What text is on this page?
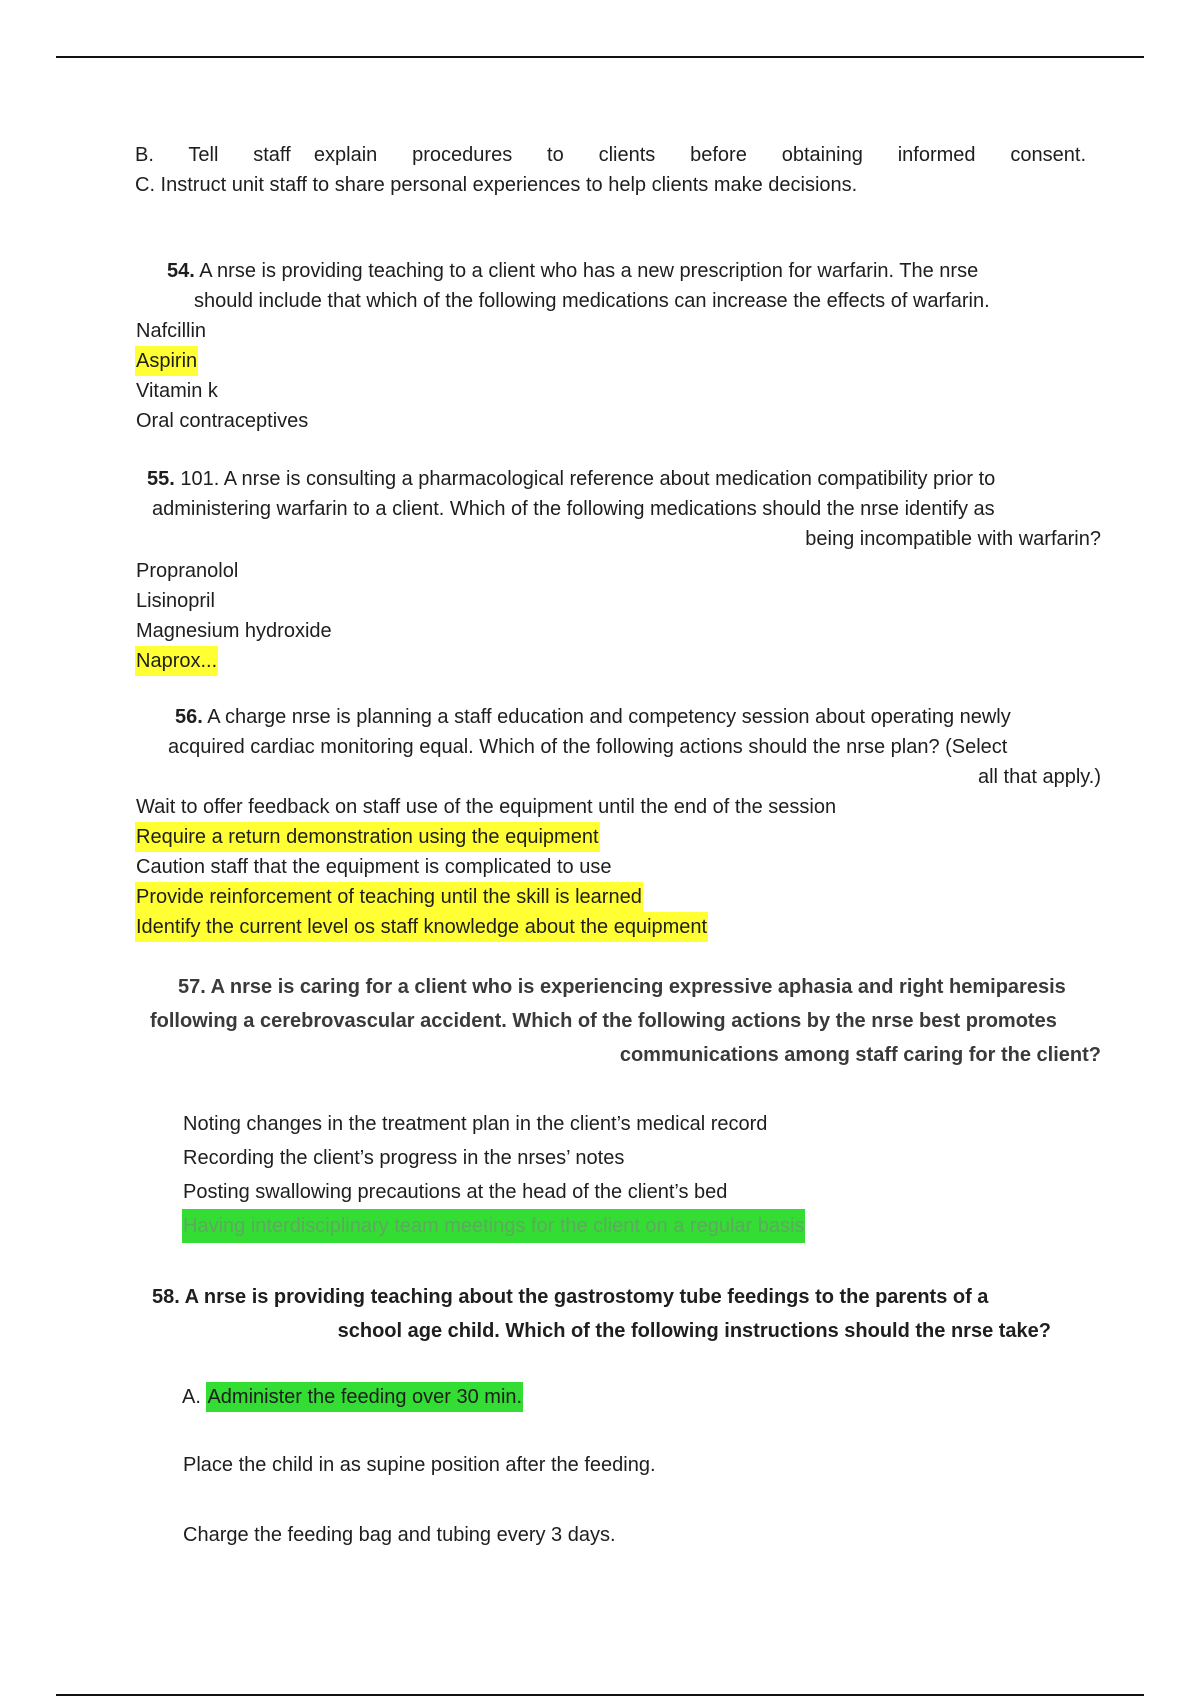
B.   Tell   staff  explain   procedures   to   clients   before   obtaining   informed   consent.
C. Instruct unit staff to share personal experiences to help clients make decisions.
54. A nrse is providing teaching to a client who has a new prescription for warfarin. The nrse
should include that which of the following medications can increase the effects of warfarin.
Nafcillin
Aspirin
Vitamin k
Oral contraceptives
55. 101. A nrse is consulting a pharmacological reference about medication compatibility prior to
administering warfarin to a client. Which of the following medications should the nrse identify as
being incompatible with warfarin?
Propranolol
Lisinopril
Magnesium hydroxide
Naprox...
56. A charge nrse is planning a staff education and competency session about operating newly
acquired cardiac monitoring equal. Which of the following actions should the nrse plan? (Select
all that apply.)
Wait to offer feedback on staff use of the equipment until the end of the session
Require a return demonstration using the equipment
Caution staff that the equipment is complicated to use
Provide reinforcement of teaching until the skill is learned
Identify the current level os staff knowledge about the equipment
57. A nrse is caring for a client who is experiencing expressive aphasia and right hemiparesis
following a cerebrovascular accident. Which of the following actions by the nrse best promotes
communications among staff caring for the client?
Noting changes in the treatment plan in the client’s medical record
Recording the client’s progress in the nrses’ notes
Posting swallowing precautions at the head of the client’s bed
Having interdisciplinary team meetings for the client on a regular basis
58. A nrse is providing teaching about the gastrostomy tube feedings to the parents of a
school age child. Which of the following instructions should the nrse take?
A. Administer the feeding over 30 min.
Place the child in as supine position after the feeding.
Charge the feeding bag and tubing every 3 days.
